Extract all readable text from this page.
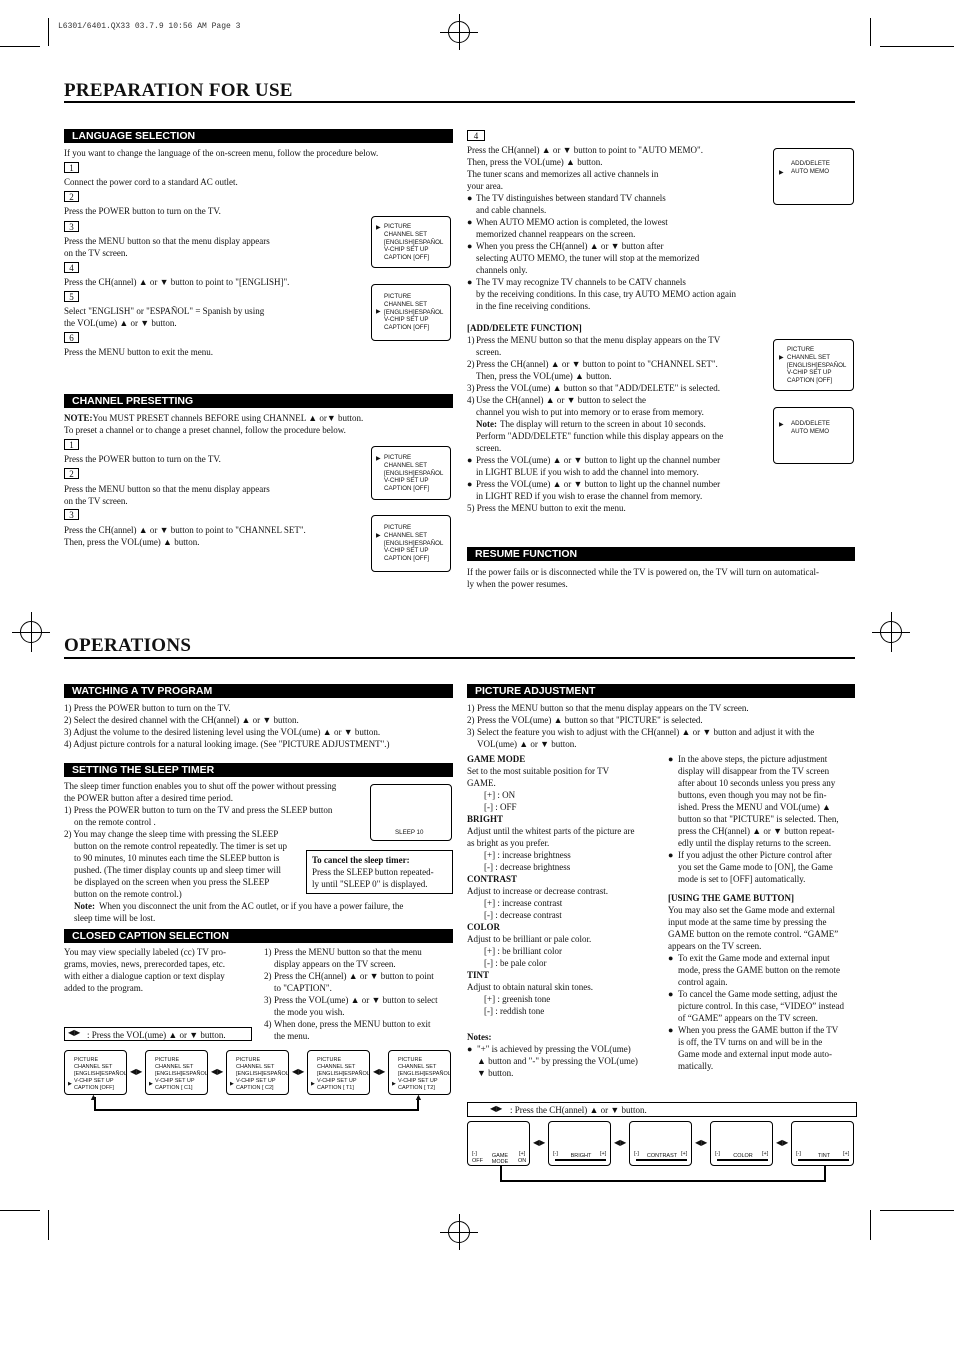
L6301/6401.QX33 03.7.9 10:56 AM Page 3
PREPARATION FOR USE
LANGUAGE SELECTION
If you want to change the language of the on-screen menu, follow the procedure below.
1
Connect the power cord to a standard AC outlet.
2
Press the POWER button to turn on the TV.
3
Press the MENU button so that the menu display appears
on the TV screen.
4
Press the CH(annel) ▲ or ▼ button to point to "[ENGLISH]".
5
Select "ENGLISH" or "ESPAÑOL" = Spanish by using
the VOL(ume) ▲ or ▼ button.
6
Press the MENU button to exit the menu.
▶ PICTURE
CHANNEL SET
[ENGLISH]ESPAÑOL
V-CHIP SET UP
CAPTION [OFF]
▶
PICTURE
CHANNEL SET
[ENGLISH]ESPAÑOL
V-CHIP SET UP
CAPTION [OFF]
CHANNEL PRESETTING
NOTE:You MUST PRESET channels BEFORE using CHANNEL ▲ or▼ button.
To preset a channel or to change a preset channel, follow the procedure below.
1
Press the POWER button to turn on the TV.
2
Press the MENU button so that the menu display appears
on the TV screen.
3
Press the CH(annel) ▲ or ▼ button to point to "CHANNEL SET".
Then, press the VOL(ume) ▲ button.
▶ PICTURE
CHANNEL SET
[ENGLISH]ESPAÑOL
V-CHIP SET UP
CAPTION [OFF]
▶
PICTURE
CHANNEL SET
[ENGLISH]ESPAÑOL
V-CHIP SET UP
CAPTION [OFF]
4
Press the CH(annel) ▲ or ▼ button to point to "AUTO MEMO".
Then, press the VOL(ume) ▲ button.
The tuner scans and memorizes all active channels in
your area.
● The TV distinguishes between standard TV channels
and cable channels.
● When AUTO MEMO action is completed, the lowest
memorized channel reappears on the screen.
● When you press the CH(annel) ▲ or ▼ button after
selecting AUTO MEMO, the tuner will stop at the memorized
channels only.
● The TV may recognize TV channels to be CATV channels
by the receiving conditions. In this case, try AUTO MEMO action again
in the fine receiving conditions.
▶
ADD/DELETE
AUTO MEMO
[ADD/DELETE FUNCTION]
1) Press the MENU button so that the menu display appears on the TV
screen.
2) Press the CH(annel) ▲ or ▼ button to point to "CHANNEL SET".
Then, press the VOL(ume) ▲ button.
3) Press the VOL(ume) ▲ button so that "ADD/DELETE" is selected.
4) Use the CH(annel) ▲ or ▼ button to select the
channel you wish to put into memory or to erase from memory.
Note: The display will return to the screen in about 10 seconds.
Perform "ADD/DELETE" function while this display appears on the
screen.
● Press the VOL(ume) ▲ or ▼ button to light up the channel number
in LIGHT BLUE if you wish to add the channel into memory.
● Press the VOL(ume) ▲ or ▼ button to light up the channel number
in LIGHT RED if you wish to erase the channel from memory.
5) Press the MENU button to exit the menu.
▶
PICTURE
CHANNEL SET
[ENGLISH]ESPAÑOL
V-CHIP SET UP
CAPTION [OFF]
▶ ADD/DELETE
AUTO MEMO
RESUME FUNCTION
If the power fails or is disconnected while the TV is powered on, the TV will turn on automatical-
ly when the power resumes.
OPERATIONS
WATCHING A TV PROGRAM
1) Press the POWER button to turn on the TV.
2) Select the desired channel with the CH(annel) ▲ or ▼ button.
3) Adjust the volume to the desired listening level using the VOL(ume) ▲ or ▼ button.
4) Adjust picture controls for a natural looking image. (See "PICTURE ADJUSTMENT".)
SETTING THE SLEEP TIMER
The sleep timer function enables you to shut off the power without pressing
the POWER button after a desired time period.
1) Press the POWER button to turn on the TV and press the SLEEP button
on the remote control .
2) You may change the sleep time with pressing the SLEEP
button on the remote control repeatedly. The timer is set up
to 90 minutes, 10 minutes each time the SLEEP button is
pushed. (The timer display counts up and sleep timer will
be displayed on the screen when you press the SLEEP
button on the remote control.)
Note: When you disconnect the unit from the AC outlet, or if you have a power failure, the
sleep time will be lost.
SLEEP 10
To cancel the sleep timer:
Press the SLEEP button repeated-
ly until "SLEEP 0" is displayed.
CLOSED CAPTION SELECTION
You may view specially labeled (cc) TV pro-
grams, movies, news, prerecorded tapes, etc.
with either a dialogue caption or text display
added to the program.
1) Press the MENU button so that the menu
display appears on the TV screen.
2) Press the CH(annel) ▲ or ▼ button to point
to "CAPTION".
3) Press the VOL(ume) ▲ or ▼ button to select
the mode you wish.
4) When done, press the MENU button to exit
the menu.
◀▶ : Press the VOL(ume) ▲ or ▼ button.
▶
PICTURE
CHANNEL SET
[ENGLISH]ESPAÑOL
V-CHIP SET UP
CAPTION [OFF]
◀▶
▶
PICTURE
CHANNEL SET
[ENGLISH]ESPAÑOL
V-CHIP SET UP
CAPTION [ C1]
◀▶
▶
PICTURE
CHANNEL SET
[ENGLISH]ESPAÑOL
V-CHIP SET UP
CAPTION [ C2]
◀▶
▶
PICTURE
CHANNEL SET
[ENGLISH]ESPAÑOL
V-CHIP SET UP
CAPTION [ T1]
◀▶
▶
PICTURE
CHANNEL SET
[ENGLISH]ESPAÑOL
V-CHIP SET UP
CAPTION [ T2]
▲	▲
PICTURE ADJUSTMENT
1) Press the MENU button so that the menu display appears on the TV screen.
2) Press the VOL(ume) ▲ button so that "PICTURE" is selected.
3) Select the feature you wish to adjust with the CH(annel) ▲ or ▼ button and adjust it with the
VOL(ume) ▲ or ▼ button.
GAME MODE
Set to the most suitable position for TV
GAME.
[+] : ON
[-] : OFF
BRIGHT
Adjust until the whitest parts of the picture are
as bright as you prefer.
[+] : increase brightness
[-] : decrease brightness
CONTRAST
Adjust to increase or decrease contrast.
[+] : increase contrast
[-] : decrease contrast
COLOR
Adjust to be brilliant or pale color.
[+] : be brilliant color
[-] : be pale color
TINT
Adjust to obtain natural skin tones.
[+] : greenish tone
[-] : reddish tone
Notes:
● "+" is achieved by pressing the VOL(ume)
▲ button and "-" by pressing the VOL(ume)
▼ button.
● In the above steps, the picture adjustment
display will disappear from the TV screen
after about 10 seconds unless you press any
buttons, even though you may not be fin-
ished. Press the MENU and VOL(ume) ▲
button so that "PICTURE" is selected. Then,
press the CH(annel) ▲ or ▼ button repeat-
edly until the display returns to the screen.
● If you adjust the other Picture control after
you set the Game mode to [ON], the Game
mode is set to [OFF] automatically.
[USING THE GAME BUTTON]
You may also set the Game mode and external
input mode at the same time by pressing the
GAME button on the remote control. “GAME”
appears on the TV screen.
● To exit the Game mode and external input
mode, press the GAME button on the remote
control again.
● To cancel the Game mode setting, adjust the
picture control. In this case, “VIDEO” instead
of “GAME” appears on the TV screen.
● When you press the GAME button if the TV
is off, the TV turns on and will be in the
Game mode and external input mode auto-
matically.
◀▶ : Press the CH(annel) ▲ or ▼ button.
[-]	GAME MODE
[+]
OFF	ON
◀▶
[-]	BRIGHT	[+]
◀▶
[-] CONTRAST [+]
◀▶
[-]	COLOR	[+]
◀▶
[-]	TINT	[+]
